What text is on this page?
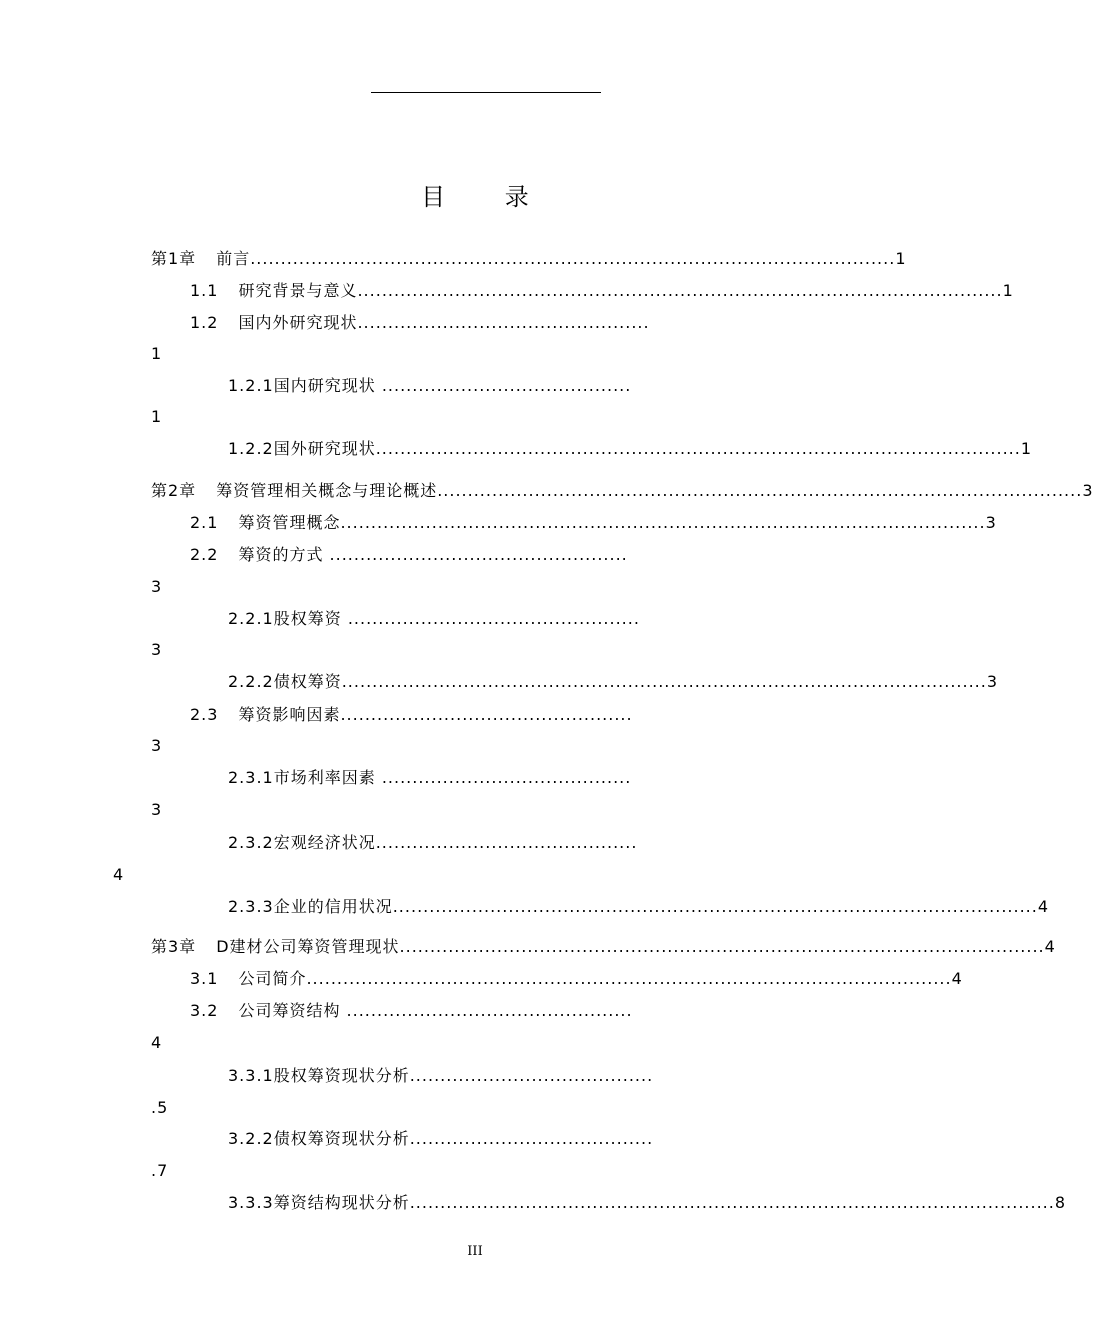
目 录
第1章 前言 .......................................................................................................... 1
1.1 研究背景与意义 .......................................................................................................... 1
1.2 国内外研究现状................................................
1
1.2.1国内研究现状 .........................................
1
1.2.2国外研究现状 .......................................................................................................... 1
第2章 筹资管理相关概念与理论概述 .......................................................................................................... 3
2.1 筹资管理概念 .......................................................................................................... 3
2.2 筹资的方式 .................................................
3
2.2.1股权筹资 ................................................
3
2.2.2债权筹资 .......................................................................................................... 3
2.3 筹资影响因素................................................
3
2.3.1市场利率因素 .........................................
3
2.3.2宏观经济状况...........................................
4
2.3.3企业的信用状况 .......................................................................................................... 4
第3章 D建材公司筹资管理现状 .......................................................................................................... 4
3.1 公司简介 .......................................................................................................... 4
3.2 公司筹资结构 ...............................................
4
3.3.1股权筹资现状分析........................................
.5
3.2.2债权筹资现状分析........................................
.7
3.3.3筹资结构现状分析 .......................................................................................................... 8
III
